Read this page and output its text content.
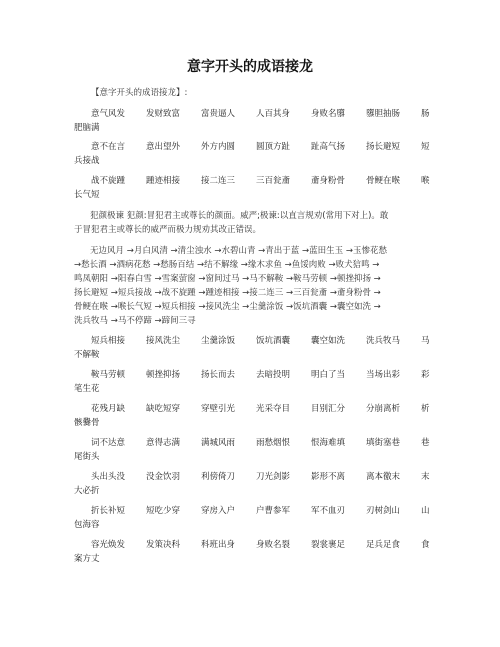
意字开头的成语接龙
【意字开头的成语接龙】:
意气风发 发财致富 富贵逼人 人百其身 身败名隳 隳胆抽肠 肠
肥脑满
意不在言 意出望外 外方内圆 圆顶方趾 趾高气扬 扬长避短 短
兵接战
战不旋踵 踵迹相接 接二连三 三百瓮齑 齑身粉骨 骨鲠在喉 喉
长气短
犯颜极谏 犯颜:冒犯君主或尊长的颜面。威严;极谏:以直言规劝(常用下对上)。敢
于冒犯君主或尊长的威严而极力规劝其改正错误。
无边风月 →月白风清 →清尘浊水 →水碧山青 →青出于蓝 →蓝田生玉 →玉惨花愁
→愁长酒 →酒病花愁 →愁肠百结 →结不解缘 →缘木求鱼 →鱼馁肉败 →败犬狺鸣 →
鸣凤朝阳 →阳春白雪 →雪案萤窗 →窗间过马 →马不解鞍 →鞍马劳顿 →顿挫抑扬 →
扬长避短 →短兵接战 →战不旋踵 →踵迹相接 →接二连三 →三百瓮齑 →齑身粉骨 →
骨鲠在喉 →喉长气短 →短兵相接 →接风洗尘 →尘羹涂饭 →饭坑酒囊 →囊空如洗 →
洗兵牧马 →马不停蹄 →蹄间三寻
短兵相接 接风洗尘 尘羹涂饭 饭坑酒囊 囊空如洗 洗兵牧马 马
不解鞍
鞍马劳顿 顿挫抑扬 扬长而去 去暗投明 明白了当 当场出彩 彩
笔生花
花残月缺 缺吃短穿 穿壁引光 光采夺目 目别汇分 分崩离析 析
骸爨骨
词不达意 意得志满 满城风雨 雨愁烟恨 恨海难填 填街塞巷 巷
尾街头
头出头没 没金饮羽 利傍倚刀 刀光剑影 影形不离 离本徼末 末
大必折
折长补短 短吃少穿 穿房入户 户曹参军 军不血刃 刃树剑山 山
包海容
容光焕发 发策决科 科班出身 身败名裂 裂裳裹足 足兵足食 食
案方丈
